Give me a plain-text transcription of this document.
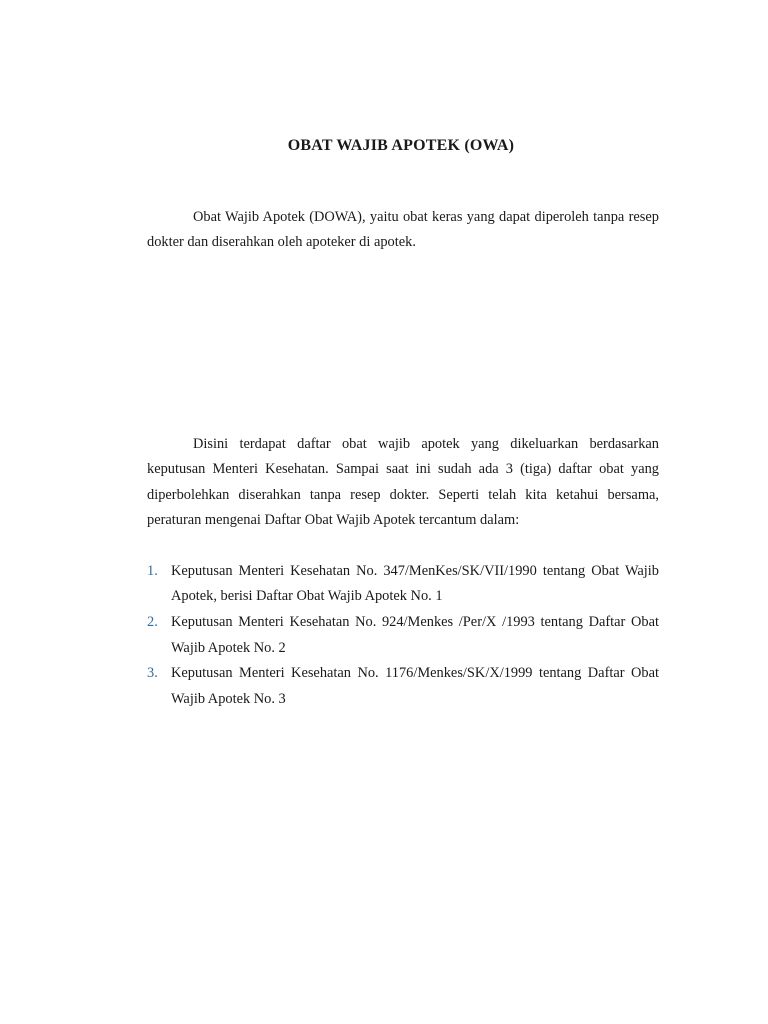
OBAT WAJIB APOTEK (OWA)

Obat Wajib Apotek (DOWA), yaitu obat keras yang dapat diperoleh tanpa resep dokter dan diserahkan oleh apoteker di apotek.

Disini terdapat daftar obat wajib apotek yang dikeluarkan berdasarkan keputusan Menteri Kesehatan. Sampai saat ini sudah ada 3 (tiga) daftar obat yang diperbolehkan diserahkan tanpa resep dokter. Seperti telah kita ketahui bersama, peraturan mengenai Daftar Obat Wajib Apotek tercantum dalam:

1. Keputusan Menteri Kesehatan No. 347/MenKes/SK/VII/1990 tentang Obat Wajib Apotek, berisi Daftar Obat Wajib Apotek No. 1
2. Keputusan Menteri Kesehatan No. 924/Menkes /Per/X /1993 tentang Daftar Obat Wajib Apotek No. 2
3. Keputusan Menteri Kesehatan No. 1176/Menkes/SK/X/1999 tentang Daftar Obat Wajib Apotek No. 3
